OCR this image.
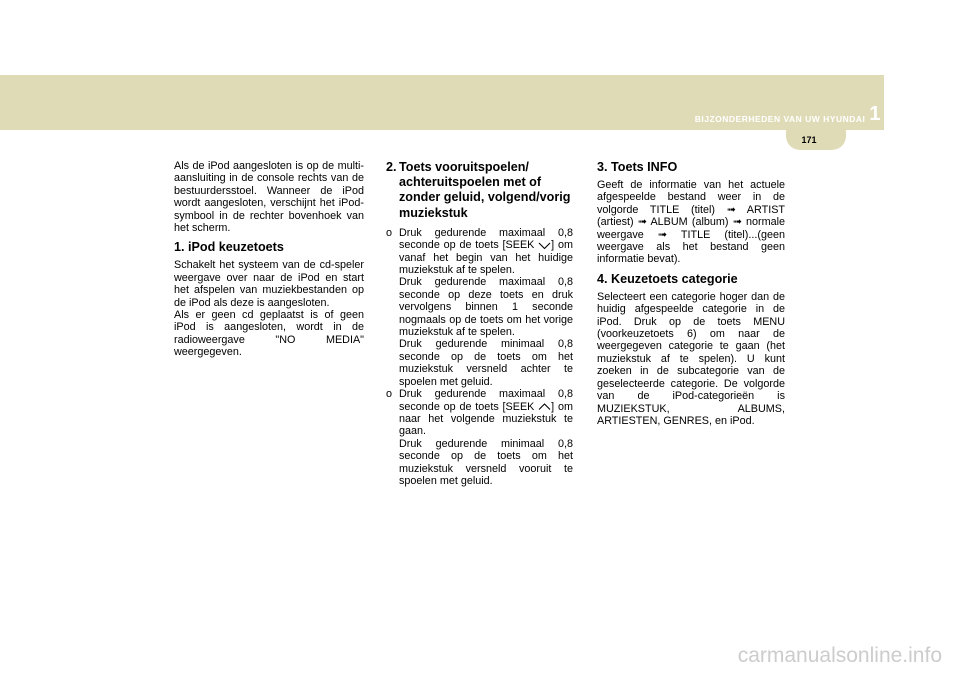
171
BIJZONDERHEDEN VAN UW HYUNDAI 1

Als de iPod aangesloten is op de multi-aansluiting in de console rechts van de bestuurdersstoel. Wanneer de iPod wordt aangesloten, verschijnt het iPod-symbool in de rechter bovenhoek van het scherm.

1. iPod keuzetoets

Schakelt het systeem van de cd-speler weergave over naar de iPod en start het afspelen van muziekbestanden op de iPod als deze is aangesloten.

Als er geen cd geplaatst is of geen iPod is aangesloten, wordt in de radioweergave "NO MEDIA" weergegeven.

2. Toets vooruitspoelen/ achteruitspoelen met of zonder geluid, volgend/vorig muziekstuk
o Druk gedurende maximaal 0,8 seconde op de toets [SEEK ] om vanaf het begin van het huidige muziekstuk af te spelen.
Druk gedurende maximaal 0,8 seconde op deze toets en druk vervolgens binnen 1 seconde nogmaals op de toets om het vorige muziekstuk af te spelen.
Druk gedurende minimaal 0,8 seconde op de toets om het muziekstuk versneld achter te spoelen met geluid.
o Druk gedurende maximaal 0,8 seconde op de toets [SEEK ] om naar het volgende muziekstuk te gaan.
Druk gedurende minimaal 0,8 seconde op de toets om het muziekstuk versneld vooruit te spoelen met geluid.
3. Toets INFO

Geeft de informatie van het actuele afgespeelde bestand weer in de volgorde TITLE (titel) ➟ ARTIST (artiest) ➟ ALBUM (album) ➟ normale weergave ➟ TITLE (titel)...(geen weergave als het bestand geen informatie bevat).

4. Keuzetoets categorie

Selecteert een categorie hoger dan de huidig afgespeelde categorie in de iPod. Druk op de toets MENU (voorkeuzetoets 6) om naar de weergegeven categorie te gaan (het muziekstuk af te spelen). U kunt zoeken in de subcategorie van de geselecteerde categorie. De volgorde van de iPod-categorieën is MUZIEKSTUK, ALBUMS, ARTIESTEN, GENRES, en iPod.

carmanualsonline.info
